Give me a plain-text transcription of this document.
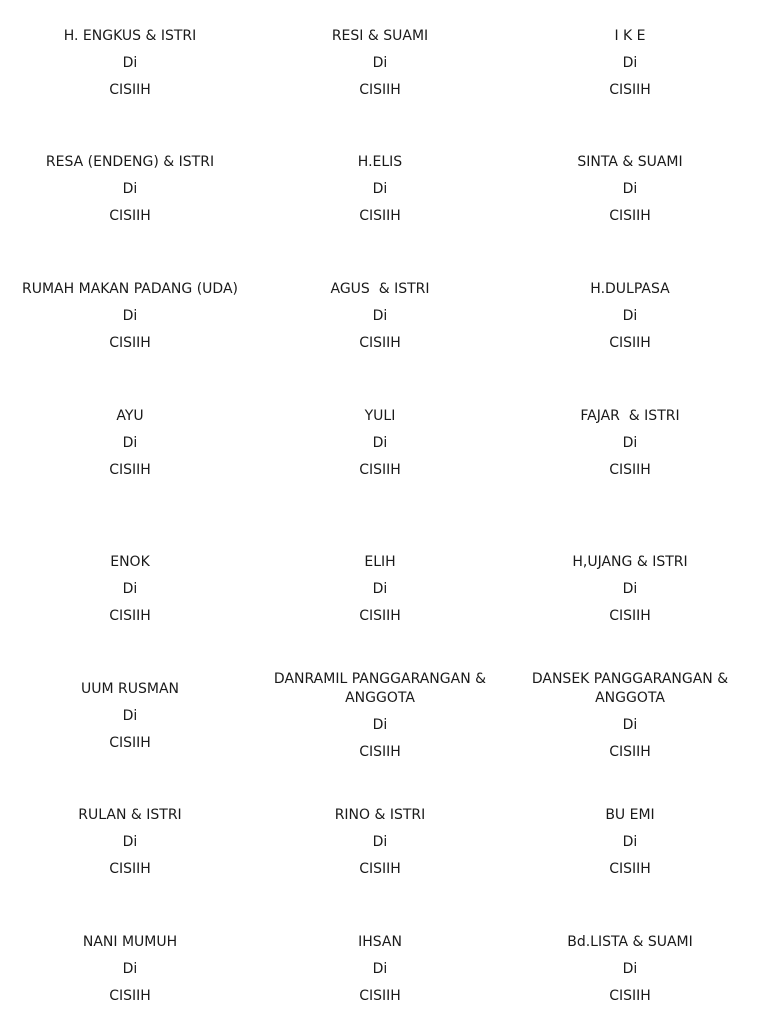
H. ENGKUS & ISTRI
Di
CISIIH
RESI & SUAMI
Di
CISIIH
I K E
Di
CISIIH
RESA (ENDENG) & ISTRI
Di
CISIIH
H.ELIS
Di
CISIIH
SINTA & SUAMI
Di
CISIIH
RUMAH MAKAN PADANG (UDA)
Di
CISIIH
AGUS  & ISTRI
Di
CISIIH
H.DULPASA
Di
CISIIH
AYU
Di
CISIIH
YULI
Di
CISIIH
FAJAR  & ISTRI
Di
CISIIH
ENOK
Di
CISIIH
ELIH
Di
CISIIH
H,UJANG & ISTRI
Di
CISIIH
UUM RUSMAN
Di
CISIIH
DANRAMIL PANGGARANGAN & ANGGOTA
Di
CISIIH
DANSEK PANGGARANGAN & ANGGOTA
Di
CISIIH
RULAN & ISTRI
Di
CISIIH
RINO & ISTRI
Di
CISIIH
BU EMI
Di
CISIIH
NANI MUMUH
Di
CISIIH
IHSAN
Di
CISIIH
Bd.LISTA & SUAMI
Di
CISIIH
